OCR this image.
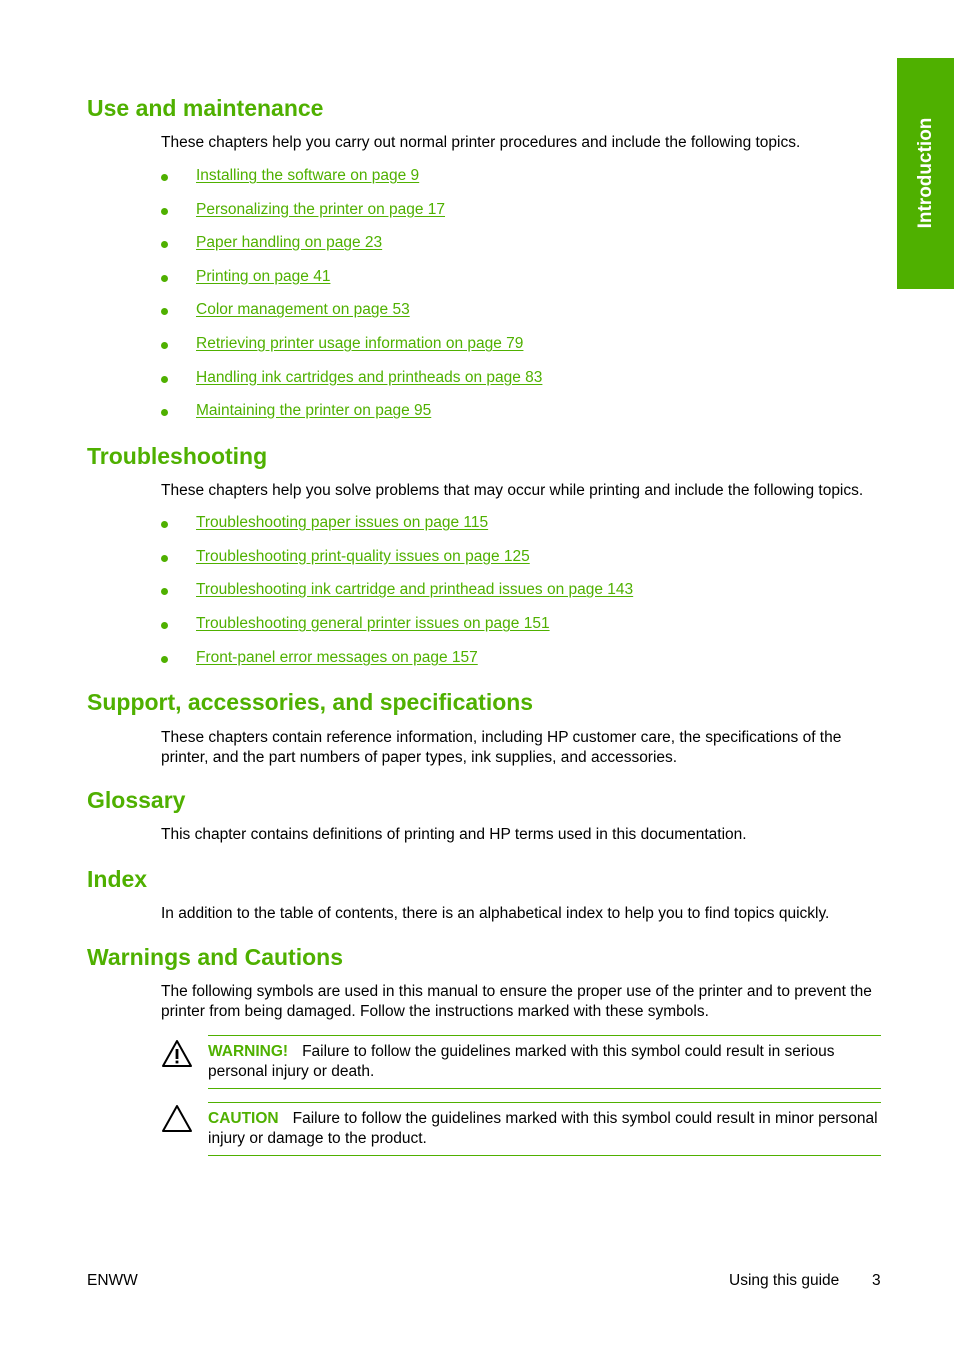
Introduction
Use and maintenance

These chapters help you carry out normal printer procedures and include the following topics.

Installing the software on page 9
Personalizing the printer on page 17
Paper handling on page 23
Printing on page 41
Color management on page 53
Retrieving printer usage information on page 79
Handling ink cartridges and printheads on page 83
Maintaining the printer on page 95
Troubleshooting

These chapters help you solve problems that may occur while printing and include the following topics.

Troubleshooting paper issues on page 115
Troubleshooting print-quality issues on page 125
Troubleshooting ink cartridge and printhead issues on page 143
Troubleshooting general printer issues on page 151
Front-panel error messages on page 157
Support, accessories, and specifications

These chapters contain reference information, including HP customer care, the specifications of the printer, and the part numbers of paper types, ink supplies, and accessories.

Glossary

This chapter contains definitions of printing and HP terms used in this documentation.

Index

In addition to the table of contents, there is an alphabetical index to help you to find topics quickly.

Warnings and Cautions

The following symbols are used in this manual to ensure the proper use of the printer and to prevent the printer from being damaged. Follow the instructions marked with these symbols.

WARNING! Failure to follow the guidelines marked with this symbol could result in serious personal injury or death.
CAUTION Failure to follow the guidelines marked with this symbol could result in minor personal injury or damage to the product.
ENWW	Using this guide 3
